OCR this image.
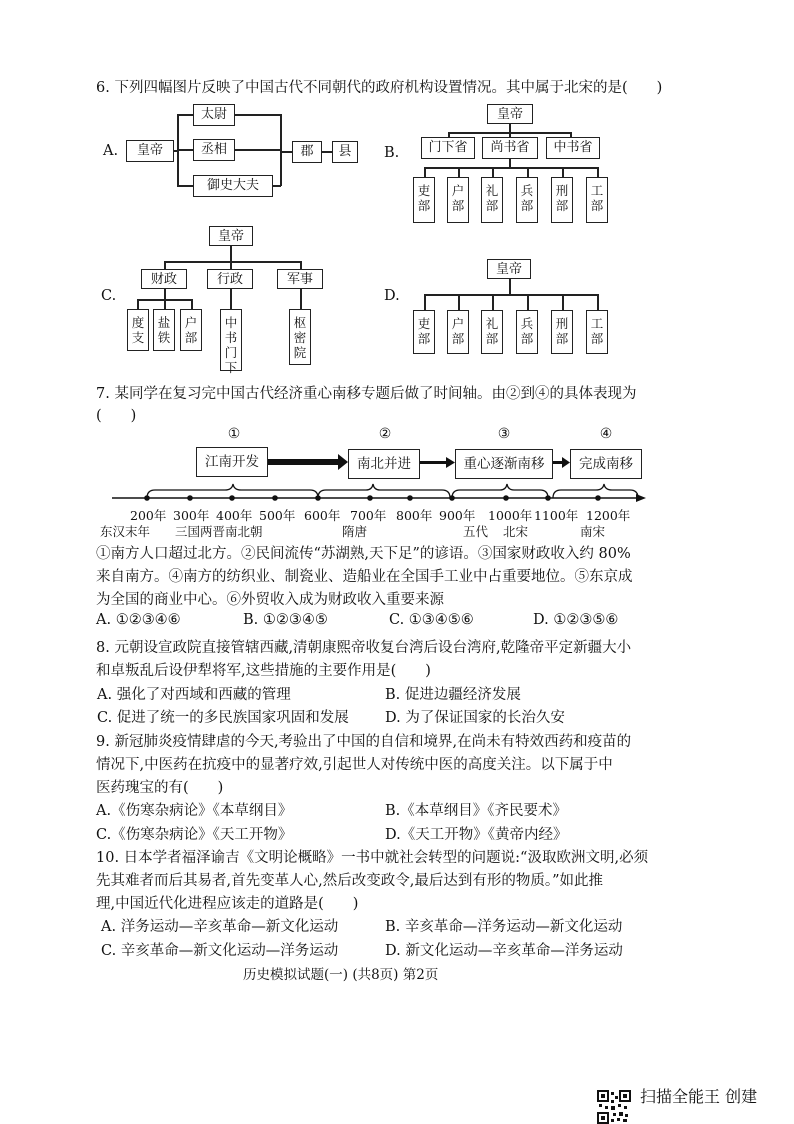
6. 下列四幅图片反映了中国古代不同朝代的政府机构设置情况。其中属于北宋的是(　　)
A.	皇帝
太尉
丞相
御史大夫
郡	县	B.
皇帝
门下省	尚书省	中书省
吏部
户部
礼部
兵部
刑部
工部
C.
皇帝
财政	行政	军事
度支
盐铁
户部
中书门下
枢密院
D.
皇帝
吏部
户部
礼部
兵部
刑部
工部
7. 某同学在复习完中国古代经济重心南移专题后做了时间轴。由②到④的具体表现为
(　　)
①	②	③	④
江南开发	南北并进	重心逐渐南移	完成南移
200年 300年 400年 500年 600年 700年 800年 900年 1000年 1100年 1200年
东汉末年 三国两晋南北朝	隋唐	五代 北宋	南宋
①南方人口超过北方。②民间流传“苏湖熟,天下足”的谚语。③国家财政收入约 80%
来自南方。④南方的纺织业、制瓷业、造船业在全国手工业中占重要地位。⑤东京成
为全国的商业中心。⑥外贸收入成为财政收入重要来源
A. ①②③④⑥	B. ①②③④⑤	C. ①③④⑤⑥	D. ①②③⑤⑥
8. 元朝设宣政院直接管辖西藏,清朝康熙帝收复台湾后设台湾府,乾隆帝平定新疆大小
和卓叛乱后设伊犁将军,这些措施的主要作用是(　　)
A. 强化了对西域和西藏的管理	B. 促进边疆经济发展
C. 促进了统一的多民族国家巩固和发展 D. 为了保证国家的长治久安
9. 新冠肺炎疫情肆虐的今天,考验出了中国的自信和境界,在尚未有特效西药和疫苗的
情况下,中医药在抗疫中的显著疗效,引起世人对传统中医的高度关注。以下属于中
医药瑰宝的有(　　)
A.《伤寒杂病论》《本草纲目》	B.《本草纲目》《齐民要术》
C.《伤寒杂病论》《天工开物》	D.《天工开物》《黄帝内经》
10. 日本学者福泽谕吉《文明论概略》一书中就社会转型的问题说:“汲取欧洲文明,必须
先其难者而后其易者,首先变革人心,然后改变政令,最后达到有形的物质。”如此推
理,中国近代化进程应该走的道路是(　　)
A. 洋务运动—辛亥革命—新文化运动	B. 辛亥革命—洋务运动—新文化运动
C. 辛亥革命—新文化运动—洋务运动	D. 新文化运动—辛亥革命—洋务运动
历史模拟试题(一) (共8页) 第2页
扫描全能王 创建
